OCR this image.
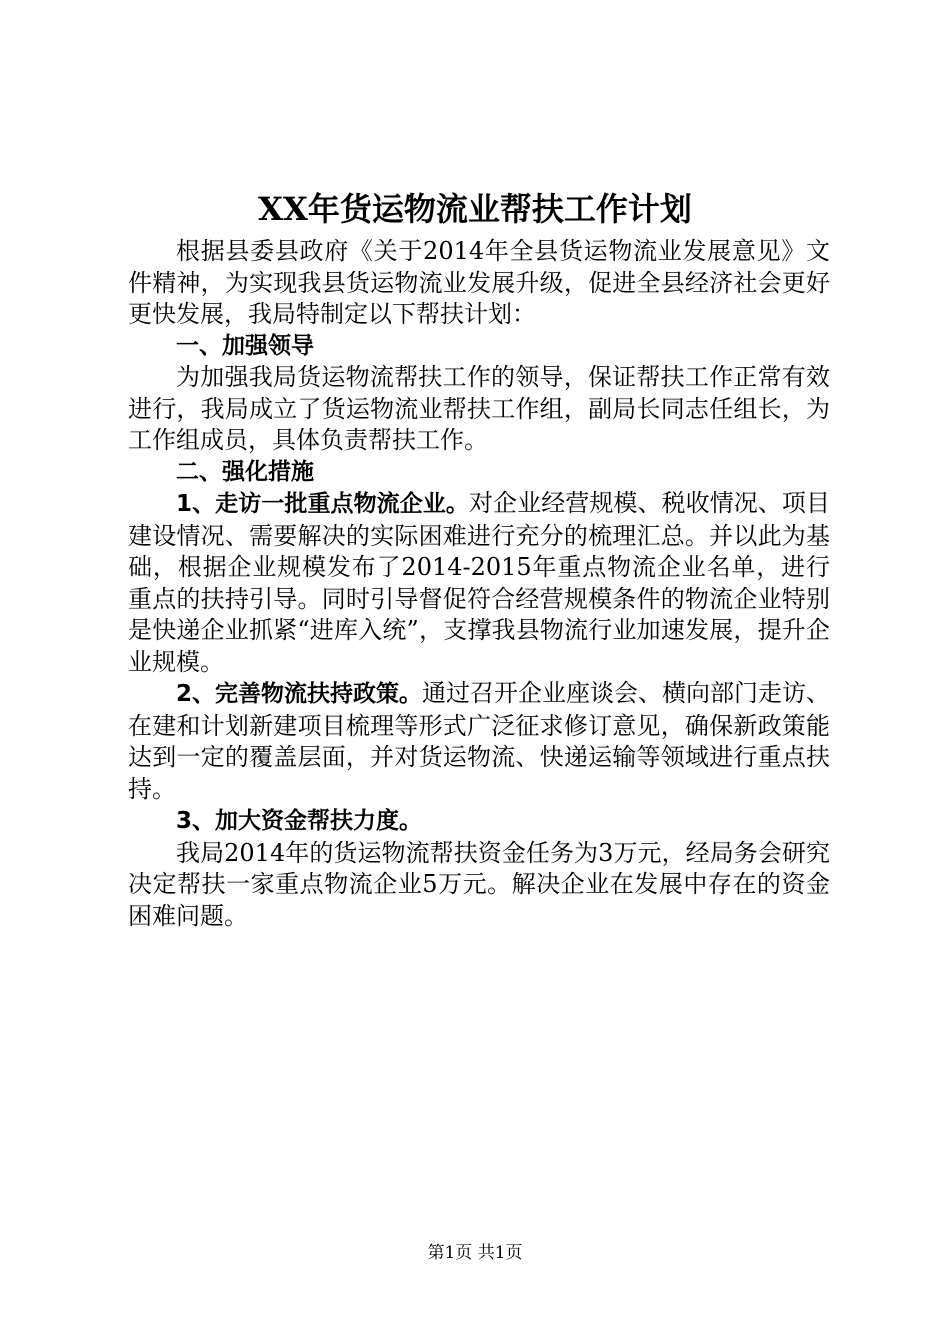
XX年货运物流业帮扶工作计划

根据县委县政府《关于2014年全县货运物流业发展意见》文件精神，为实现我县货运物流业发展升级，促进全县经济社会更好更快发展，我局特制定以下帮扶计划：

一、加强领导

为加强我局货运物流帮扶工作的领导，保证帮扶工作正常有效进行，我局成立了货运物流业帮扶工作组，副局长同志任组长，为工作组成员，具体负责帮扶工作。

二、强化措施

1、走访一批重点物流企业。对企业经营规模、税收情况、项目建设情况、需要解决的实际困难进行充分的梳理汇总。并以此为基础，根据企业规模发布了2014-2015年重点物流企业名单，进行重点的扶持引导。同时引导督促符合经营规模条件的物流企业特别是快递企业抓紧“进库入统”，支撑我县物流行业加速发展，提升企业规模。

2、完善物流扶持政策。通过召开企业座谈会、横向部门走访、在建和计划新建项目梳理等形式广泛征求修订意见，确保新政策能达到一定的覆盖层面，并对货运物流、快递运输等领域进行重点扶持。

3、加大资金帮扶力度。

我局2014年的货运物流帮扶资金任务为3万元，经局务会研究决定帮扶一家重点物流企业5万元。解决企业在发展中存在的资金困难问题。

第1页 共1页
